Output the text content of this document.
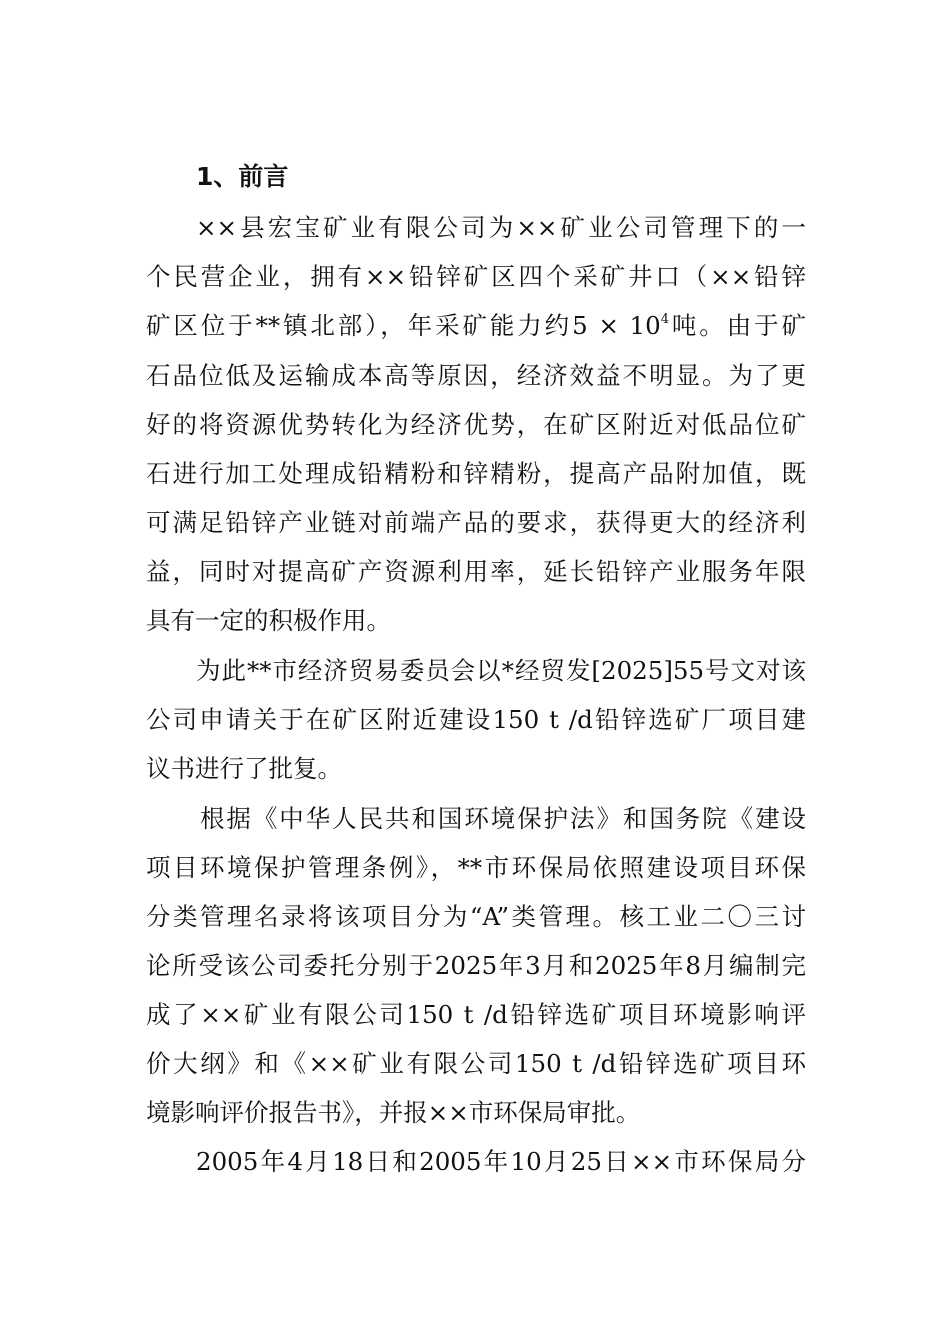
1、前言
××县宏宝矿业有限公司为××矿业公司管理下的一
个民营企业，拥有××铅锌矿区四个采矿井口（××铅锌
矿区位于**镇北部），年采矿能力约$5 \times 10^4$吨。由于矿
石品位低及运输成本高等原因，经济效益不明显。为了更
好的将资源优势转化为经济优势，在矿区附近对低品位矿
石进行加工处理成铅精粉和锌精粉，提高产品附加值，既
可满足铅锌产业链对前端产品的要求，获得更大的经济利
益，同时对提高矿产资源利用率，延长铅锌产业服务年限
具有一定的积极作用。
为此**市经济贸易委员会以*经贸发[2025]55号文对该
公司申请关于在矿区附近建设150 t /d铅锌选矿厂项目建
议书进行了批复。
根据《中华人民共和国环境保护法》和国务院《建设
项目环境保护管理条例》，**市环保局依照建设项目环保
分类管理名录将该项目分为“A”类管理。核工业二〇三讨
论所受该公司委托分别于2025年3月和2025年8月编制完
成了××矿业有限公司150 t /d铅锌选矿项目环境影响评
价大纲》和《××矿业有限公司150 t /d铅锌选矿项目环
境影响评价报告书》，并报××市环保局审批。
2005年4月18日和2005年10月25日××市环保局分
